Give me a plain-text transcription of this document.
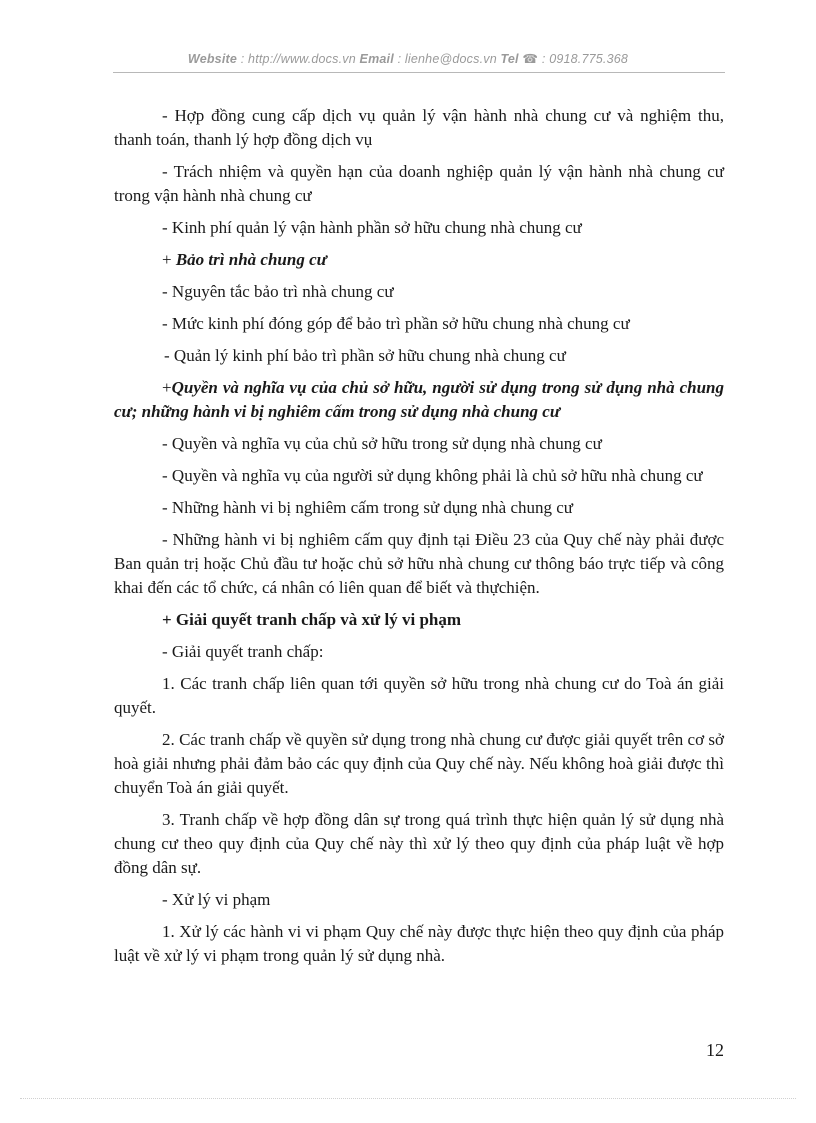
Website : http://www.docs.vn Email : lienhe@docs.vn Tel ☎ : 0918.775.368

- Hợp đồng cung cấp dịch vụ quản lý vận hành nhà chung cư và nghiệm thu, thanh toán, thanh lý hợp đồng dịch vụ

- Trách nhiệm và quyền hạn của doanh nghiệp quản lý vận hành nhà chung cư trong vận hành nhà chung cư

- Kinh phí quản lý vận hành phần sở hữu chung nhà chung cư

+ Bảo trì nhà chung cư

- Nguyên tắc bảo trì nhà chung cư

- Mức kinh phí đóng góp để bảo trì phần sở hữu chung nhà chung cư

- Quản lý kinh phí bảo trì phần sở hữu chung nhà chung cư

+Quyền và nghĩa vụ của chủ sở hữu, người sử dụng trong sử dụng nhà chung cư; những hành vi bị nghiêm cấm trong sử dụng nhà chung cư

- Quyền và nghĩa vụ của chủ sở hữu trong sử dụng nhà chung cư

- Quyền và nghĩa vụ của người sử dụng không phải là chủ sở hữu nhà chung cư

- Những hành vi bị nghiêm cấm trong sử dụng nhà chung cư

- Những hành vi bị nghiêm cấm quy định tại Điều 23 của Quy chế này phải được Ban quản trị hoặc Chủ đầu tư hoặc chủ sở hữu nhà chung cư thông báo trực tiếp và công khai đến các tổ chức, cá nhân có liên quan để biết và thựchiện.

+ Giải quyết tranh chấp và xử lý vi phạm

- Giải quyết tranh chấp:

1. Các tranh chấp liên quan tới quyền sở hữu trong nhà chung cư do Toà án giải quyết.

2. Các tranh chấp về quyền sử dụng trong nhà chung cư được giải quyết trên cơ sở hoà giải nhưng phải đảm bảo các quy định của Quy chế này. Nếu không hoà giải được thì chuyển Toà án giải quyết.

3. Tranh chấp về hợp đồng dân sự trong quá trình thực hiện quản lý sử dụng nhà chung cư theo quy định của Quy chế này thì xử lý theo quy định của pháp luật về hợp đồng dân sự.

- Xử lý vi phạm

1. Xử lý các hành vi vi phạm Quy chế này được thực hiện theo quy định của pháp luật về xử lý vi phạm trong quản lý sử dụng nhà.

12
